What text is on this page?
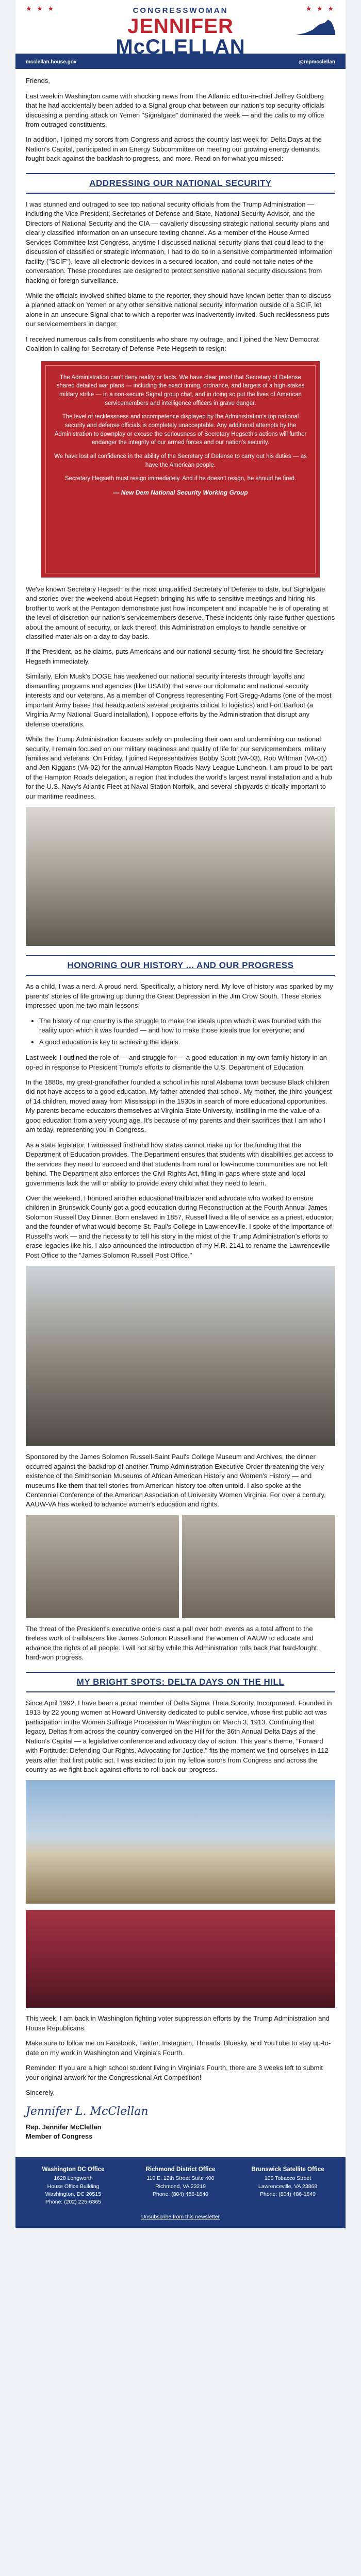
★ ★ ★	★ ★ ★
CONGRESSWOMAN
JENNIFER
McCLELLAN
FOURTH DISTRICT OF VIRGINIA
mcclellan.house.gov	@repmcclellan

Friends,

Last week in Washington came with shocking news from The Atlantic editor-in-chief Jeffrey Goldberg that he had accidentally been added to a Signal group chat between our nation's top security officials discussing a pending attack on Yemen "Signalgate" dominated the week — and the calls to my office from outraged constituents.

In addition, I joined my sorors from Congress and across the country last week for Delta Days at the Nation's Capital, participated in an Energy Subcommittee on meeting our growing energy demands, fought back against the backlash to progress, and more. Read on for what you missed:

ADDRESSING OUR NATIONAL SECURITY

I was stunned and outraged to see top national security officials from the Trump Administration — including the Vice President, Secretaries of Defense and State, National Security Advisor, and the Directors of National Security and the CIA — cavalierly discussing strategic national security plans and clearly classified information on an unsecure texting channel. As a member of the House Armed Services Committee last Congress, anytime I discussed national security plans that could lead to the discussion of classified or strategic information, I had to do so in a sensitive compartmented information facility ("SCIF"), leave all electronic devices in a secured location, and could not take notes of the conversation. These procedures are designed to protect sensitive national security discussions from hacking or foreign surveillance.

While the officials involved shifted blame to the reporter, they should have known better than to discuss a planned attack on Yemen or any other sensitive national security information outside of a SCIF, let alone in an unsecure Signal chat to which a reporter was inadvertently invited. Such recklessness puts our servicemembers in danger.

I received numerous calls from constituents who share my outrage, and I joined the New Democrat Coalition in calling for Secretary of Defense Pete Hegseth to resign:

The Administration can't deny reality or facts. We have clear proof that Secretary of Defense shared detailed war plans — including the exact timing, ordnance, and targets of a high-stakes military strike — in a non-secure Signal group chat, and in doing so put the lives of American servicemembers and intelligence officers in grave danger.

The level of recklessness and incompetence displayed by the Administration's top national security and defense officials is completely unacceptable. Any additional attempts by the Administration to downplay or excuse the seriousness of Secretary Hegseth's actions will further endanger the integrity of our armed forces and our nation's security.

We have lost all confidence in the ability of the Secretary of Defense to carry out his duties — as have the American people.

Secretary Hegseth must resign immediately. And if he doesn't resign, he should be fired.

— New Dem National Security Working Group

We've known Secretary Hegseth is the most unqualified Secretary of Defense to date, but Signalgate and stories over the weekend about Hegseth bringing his wife to sensitive meetings and hiring his brother to work at the Pentagon demonstrate just how incompetent and incapable he is of operating at the level of discretion our nation's servicemembers deserve. These incidents only raise further questions about the amount of security, or lack thereof, this Administration employs to handle sensitive or classified materials on a day to day basis.

If the President, as he claims, puts Americans and our national security first, he should fire Secretary Hegseth immediately.

Similarly, Elon Musk's DOGE has weakened our national security interests through layoffs and dismantling programs and agencies (like USAID) that serve our diplomatic and national security interests and our veterans. As a member of Congress representing Fort Gregg-Adams (one of the most important Army bases that headquarters several programs critical to logistics) and Fort Barfoot (a Virginia Army National Guard installation), I oppose efforts by the Administration that disrupt any defense operations.

While the Trump Administration focuses solely on protecting their own and undermining our national security, I remain focused on our military readiness and quality of life for our servicemembers, military families and veterans. On Friday, I joined Representatives Bobby Scott (VA-03), Rob Wittman (VA-01) and Jen Kiggans (VA-02) for the annual Hampton Roads Navy League Luncheon. I am proud to be part of the Hampton Roads delegation, a region that includes the world's largest naval installation and a hub for the U.S. Navy's Atlantic Fleet at Naval Station Norfolk, and several shipyards critically important to our maritime readiness.

HONORING OUR HISTORY ... AND OUR PROGRESS

As a child, I was a nerd. A proud nerd. Specifically, a history nerd. My love of history was sparked by my parents' stories of life growing up during the Great Depression in the Jim Crow South. These stories impressed upon me two main lessons:

• The history of our country is the struggle to make the ideals upon which it was founded with the reality upon which it was founded — and how to make those ideals true for everyone; and
• A good education is key to achieving the ideals.

Last week, I outlined the role of — and struggle for — a good education in my own family history in an op-ed in response to President Trump's efforts to dismantle the U.S. Department of Education.

In the 1880s, my great-grandfather founded a school in his rural Alabama town because Black children did not have access to a good education. My father attended that school. My mother, the third youngest of 14 children, moved away from Mississippi in the 1930s in search of more educational opportunities. My parents became educators themselves at Virginia State University, instilling in me the value of a good education from a very young age. It's because of my parents and their sacrifices that I am who I am today, representing you in Congress.

As a state legislator, I witnessed firsthand how states cannot make up for the funding that the Department of Education provides. The Department ensures that students with disabilities get access to the services they need to succeed and that students from rural or low-income communities are not left behind. The Department also enforces the Civil Rights Act, filling in gaps where state and local governments lack the will or ability to provide every child what they need to learn.

Over the weekend, I honored another educational trailblazer and advocate who worked to ensure children in Brunswick County got a good education during Reconstruction at the Fourth Annual James Solomon Russell Day Dinner. Born enslaved in 1857, Russell lived a life of service as a priest, educator, and the founder of what would become St. Paul's College in Lawrenceville. I spoke of the importance of Russell's work — and the necessity to tell his story in the midst of the Trump Administration's efforts to erase legacies like his. I also announced the introduction of my H.R. 2141 to rename the Lawrenceville Post Office to the "James Solomon Russell Post Office."

Sponsored by the James Solomon Russell-Saint Paul's College Museum and Archives, the dinner occurred against the backdrop of another Trump Administration Executive Order threatening the very existence of the Smithsonian Museums of African American History and Women's History — and museums like them that tell stories from American history too often untold. I also spoke at the Centennial Conference of the American Association of University Women Virginia. For over a century, AAUW-VA has worked to advance women's education and rights.

The threat of the President's executive orders cast a pall over both events as a total affront to the tireless work of trailblazers like James Solomon Russell and the women of AAUW to educate and advance the rights of all people. I will not sit by while this Administration rolls back that hard-fought, hard-won progress.

MY BRIGHT SPOTS: DELTA DAYS ON THE HILL

Since April 1992, I have been a proud member of Delta Sigma Theta Sorority, Incorporated. Founded in 1913 by 22 young women at Howard University dedicated to public service, whose first public act was participation in the Women Suffrage Procession in Washington on March 3, 1913. Continuing that legacy, Deltas from across the country converged on the Hill for the 36th Annual Delta Days at the Nation's Capital — a legislative conference and advocacy day of action. This year's theme, "Forward with Fortitude: Defending Our Rights, Advocating for Justice," fits the moment we find ourselves in 112 years after that first public act. I was excited to join my fellow sorors from Congress and across the country as we fight back against efforts to roll back our progress.

This week, I am back in Washington fighting voter suppression efforts by the Trump Administration and House Republicans.

Make sure to follow me on Facebook, Twitter, Instagram, Threads, Bluesky, and YouTube to stay up-to-date on my work in Washington and Virginia's Fourth.

Reminder: If you are a high school student living in Virginia's Fourth, there are 3 weeks left to submit your original artwork for the Congressional Art Competition!

Sincerely,

Jennifer L. McClellan
Rep. Jennifer McClellan
Member of Congress
Washington DC Office
1628 Longworth
House Office Building
Washington, DC 20515
Phone: (202) 225-6365
Richmond District Office
110 E. 12th Street Suite 400
Richmond, VA 23219
Phone: (804) 486-1840
Brunswick Satellite Office
100 Tobacco Street
Lawrenceville, VA 23868
Phone: (804) 486-1840
Unsubscribe from this newsletter
